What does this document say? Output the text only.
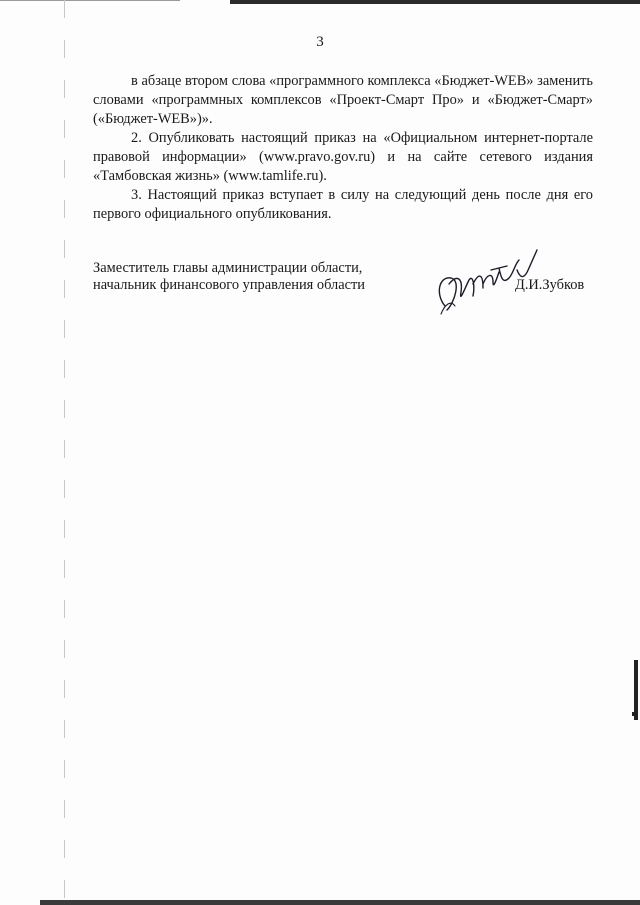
3

в абзаце втором слова «программного комплекса «Бюджет-WEB» заменить словами «программных комплексов «Проект-Смарт Про» и «Бюджет-Смарт» («Бюджет-WEB»)».

2. Опубликовать настоящий приказ на «Официальном интернет-портале правовой информации» (www.pravo.gov.ru) и на сайте сетевого издания «Тамбовская жизнь» (www.tamlife.ru).

3. Настоящий приказ вступает в силу на следующий день после дня его первого официального опубликования.

Заместитель главы администрации области,
начальник финансового управления области	Д.И.Зубков
